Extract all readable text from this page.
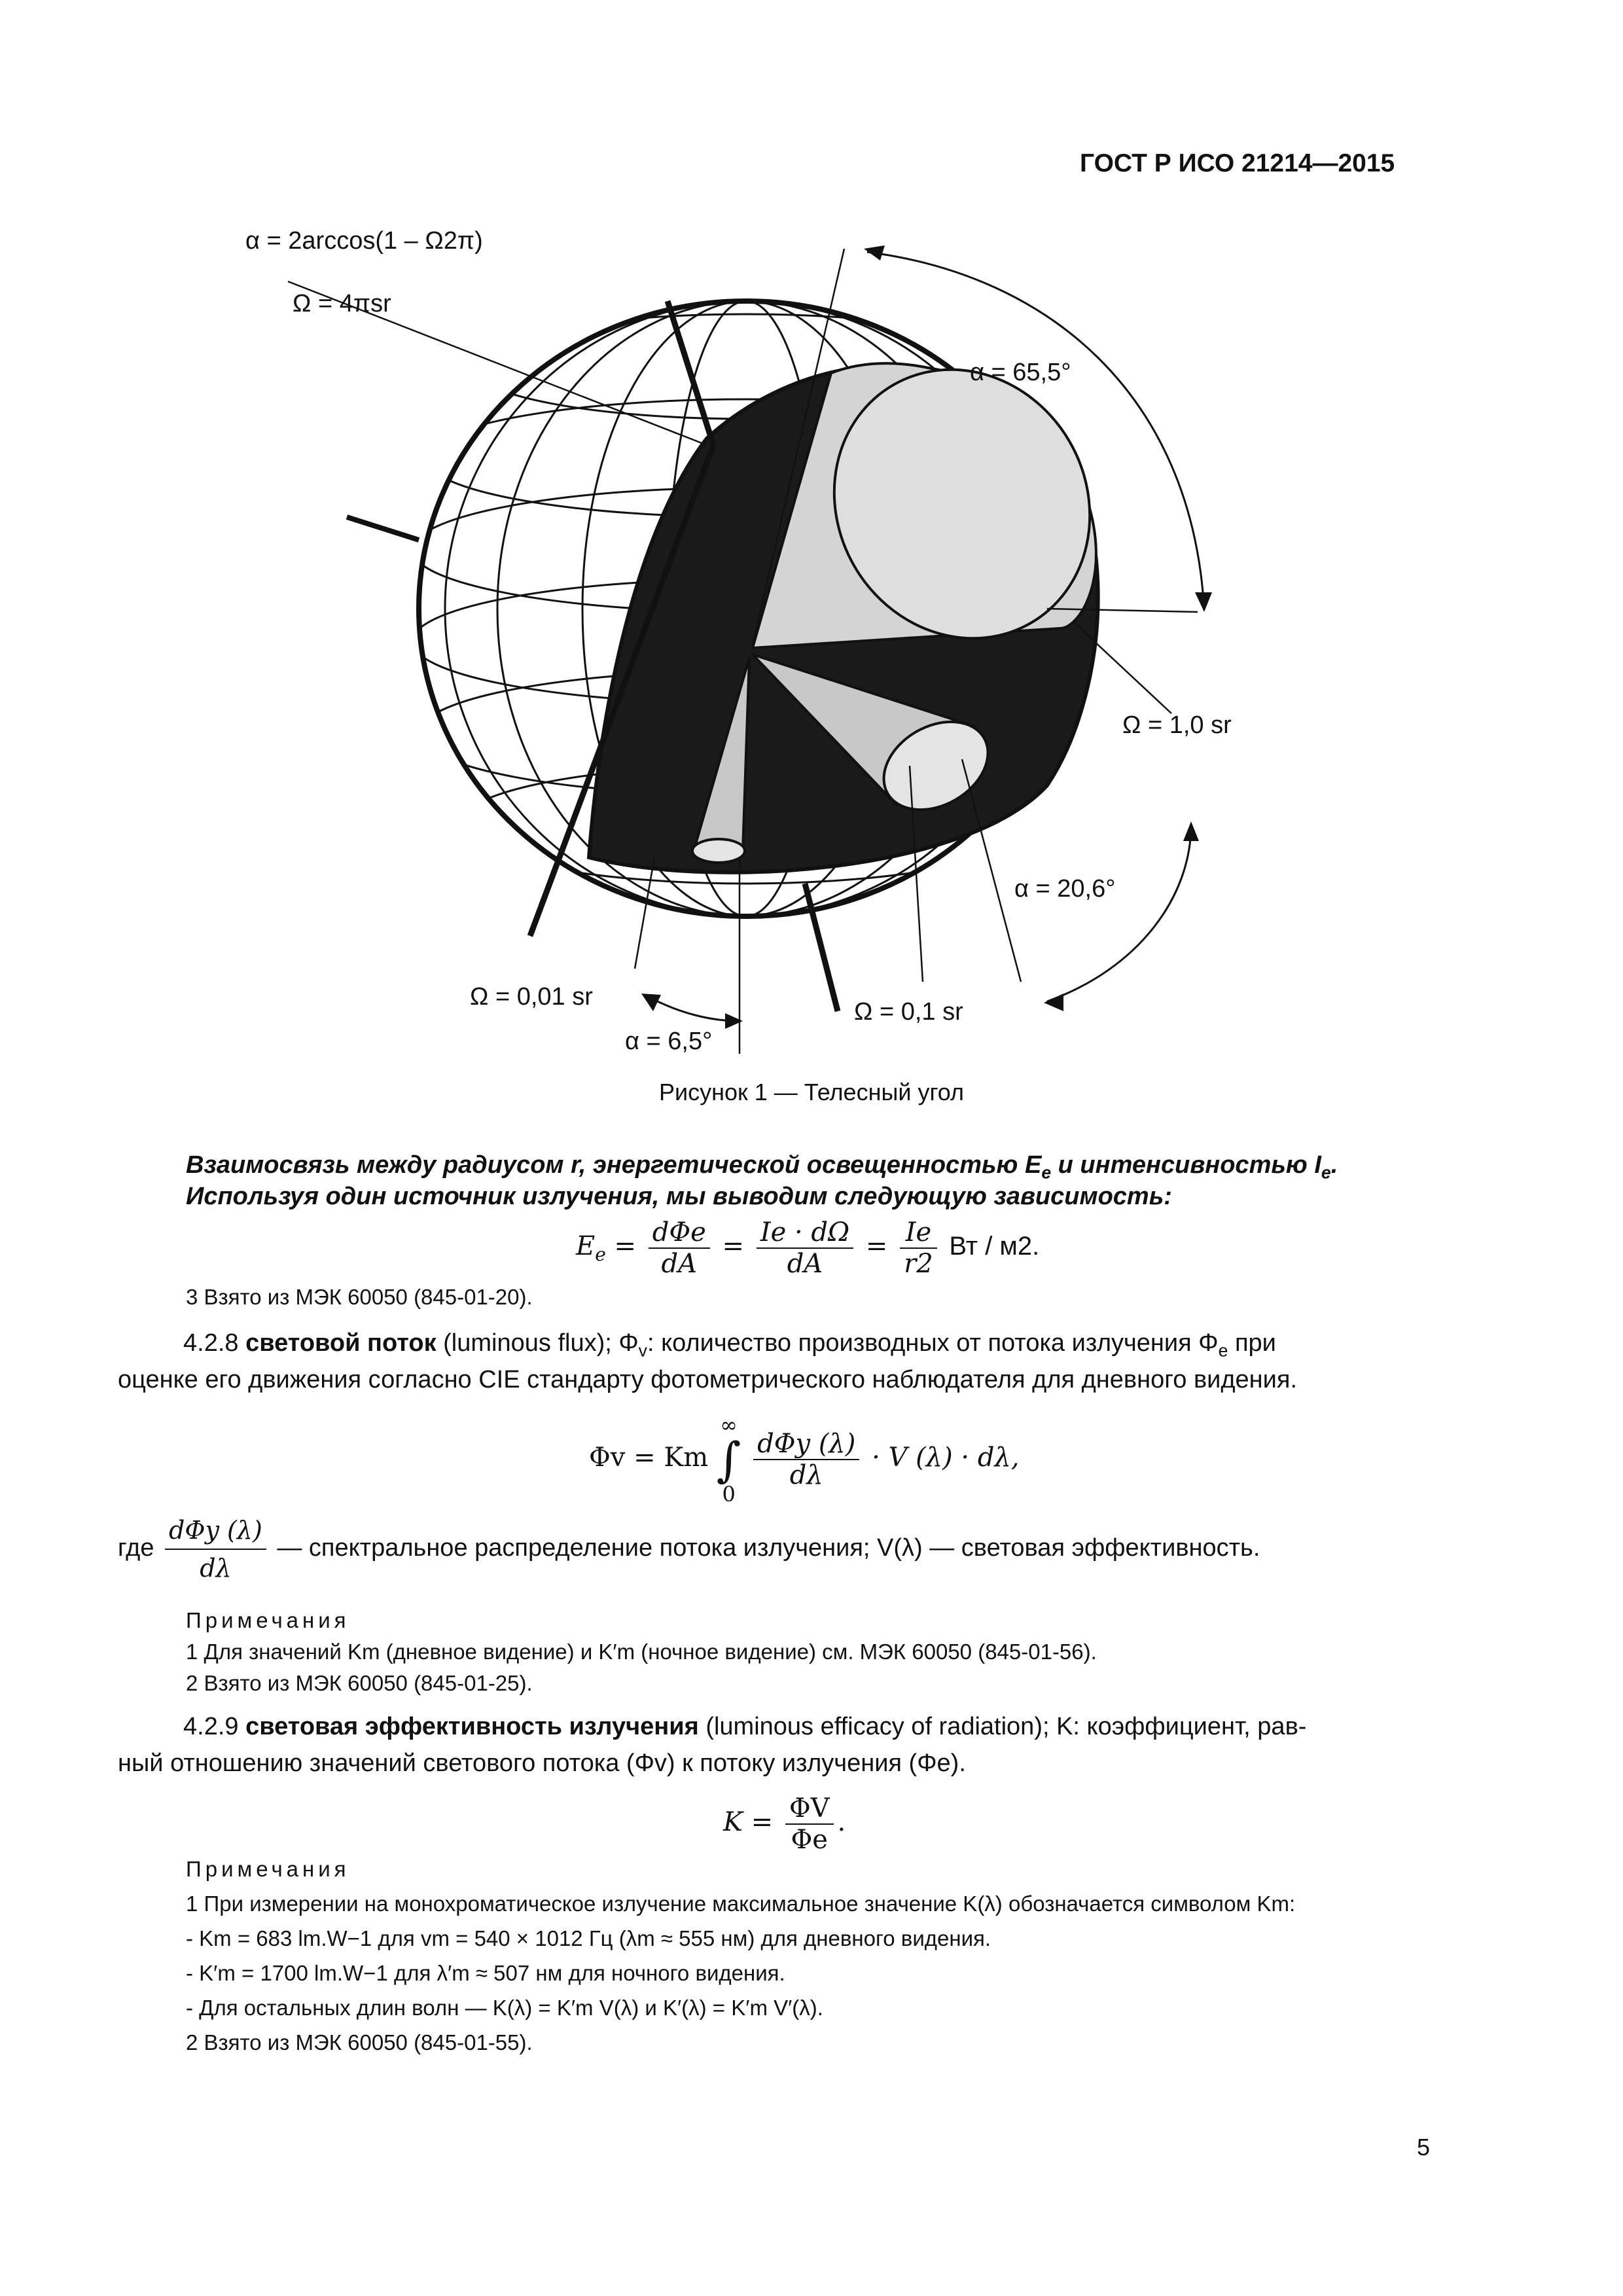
ГОСТ Р ИСО 21214—2015
α = 2arccos(1 – Ω2π)
Ω = 4πsr
α = 65,5°
Ω = 1,0 sr
α = 20,6°
Ω = 0,01 sr
Ω = 0,1 sr
α = 6,5°
Рисунок 1 — Телесный угол
Взаимосвязь между радиусом r, энергетической освещенностью $E_e$ и интенсивностью $I_e$.
Используя один источник излучения, мы выводим следующую зависимость:
$E_e = \frac{\text{dΦe}}{dA} = \frac{Ie \cdot d\Omega}{dA} = \frac{Ie}{r2}$ Вт / м2.
3 Взято из МЭК 60050 (845-01-20).
4.2.8 световой поток (luminous flux); $\Phi_v$: количество производных от потока излучения $\Phi_e$ при
оценке его движения согласно CIE стандарту фотометрического наблюдателя для дневного видения.
Φv = Km
∞
∫
0

$\frac{\text{dΦy (λ)}}{d\lambda} \cdot V$ (λ) · dλ,
где $\frac{\text{dΦy (λ)}}{d\lambda}$ — спектральное распределение потока излучения; V(λ) — световая эффективность.
Примечания
1 Для значений Km (дневное видение) и K′m (ночное видение) см. МЭК 60050 (845-01-56).
2 Взято из МЭК 60050 (845-01-25).
4.2.9 световая эффективность излучения (luminous efficacy of radiation); K: коэффициент, рав-
ный отношению значений светового потока (Φv) к потоку излучения (Φe).
$K = \frac{\Phi V}{\Phi e}$ .
Примечания
1 При измерении на монохроматическое излучение максимальное значение K(λ) обозначается символом Km:
- Km = 683 lm.W−1 для vm = 540 × 1012 Гц (λm ≈ 555 нм) для дневного видения.
- K′m = 1700 lm.W−1 для λ′m ≈ 507 нм для ночного видения.
- Для остальных длин волн — K(λ) = K′m V(λ) и K′(λ) = K′m V′(λ).
2 Взято из МЭК 60050 (845-01-55).
5
